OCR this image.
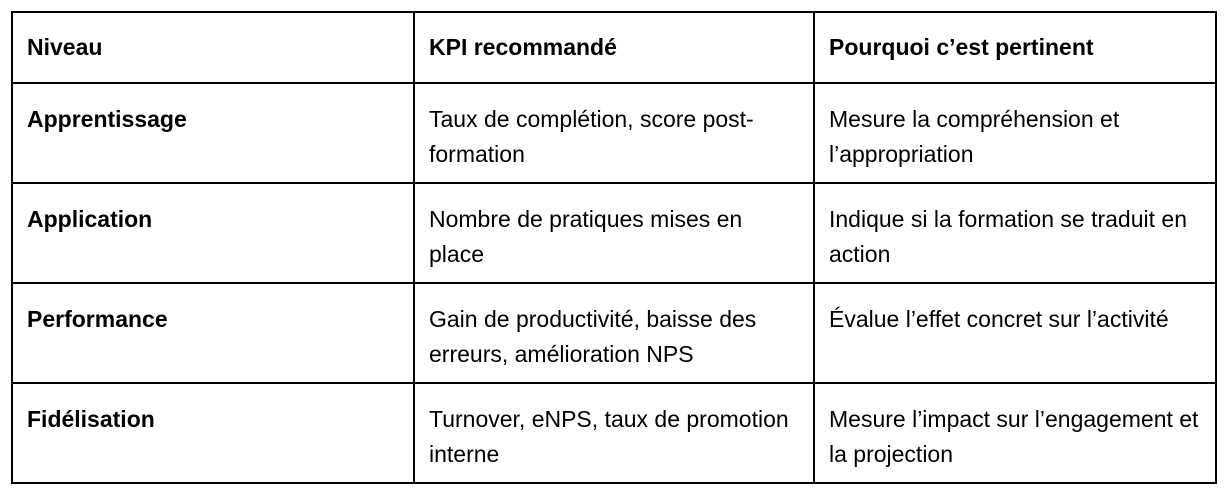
Niveau	KPI recommandé	Pourquoi c’est pertinent
Apprentissage	Taux de complétion, score post-formation	Mesure la compréhension et l’appropriation
Application	Nombre de pratiques mises en place	Indique si la formation se traduit en action
Performance	Gain de productivité, baisse des erreurs, amélioration NPS	Évalue l’effet concret sur l’activité
Fidélisation	Turnover, eNPS, taux de promotion interne	Mesure l’impact sur l’engagement et la projection
